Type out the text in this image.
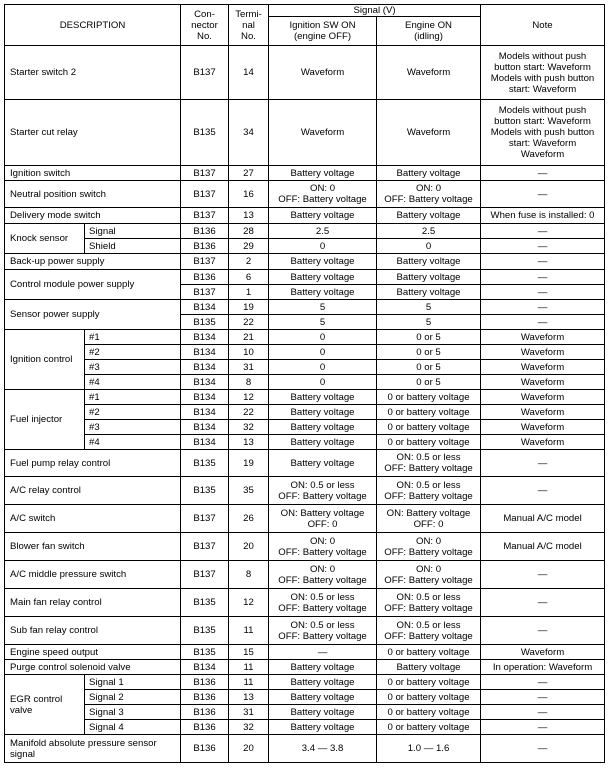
DESCRIPTION		Con-
nector
No.	Termi-
nal
No.	Signal (V)		Note
				Ignition SW ON
(engine OFF)	Engine ON
(idling)	
Starter switch 2		B137	14	Waveform	Waveform	Models without push
button start: Waveform
Models with push button
start: Waveform
Starter cut relay		B135	34	Waveform	Waveform	Models without push
button start: Waveform
Models with push button
start: Waveform
Waveform
Ignition switch		B137	27	Battery voltage	Battery voltage	—
Neutral position switch		B137	16	ON: 0
OFF: Battery voltage	ON: 0
OFF: Battery voltage	—
Delivery mode switch		B137	13	Battery voltage	Battery voltage	When fuse is installed: 0
Knock sensor	Signal	B136	28	2.5	2.5	—
	Shield	B136	29	0	0	—
Back-up power supply		B137	2	Battery voltage	Battery voltage	—
Control module power supply		B136	6	Battery voltage	Battery voltage	—
		B137	1	Battery voltage	Battery voltage	—
Sensor power supply		B134	19	5	5	—
		B135	22	5	5	—
Ignition control	#1	B134	21	0	0 or 5	Waveform
	#2	B134	10	0	0 or 5	Waveform
	#3	B134	31	0	0 or 5	Waveform
	#4	B134	8	0	0 or 5	Waveform
Fuel injector	#1	B134	12	Battery voltage	0 or battery voltage	Waveform
	#2	B134	22	Battery voltage	0 or battery voltage	Waveform
	#3	B134	32	Battery voltage	0 or battery voltage	Waveform
	#4	B134	13	Battery voltage	0 or battery voltage	Waveform
Fuel pump relay control		B135	19	Battery voltage	ON: 0.5 or less
OFF: Battery voltage	—
A/C relay control		B135	35	ON: 0.5 or less
OFF: Battery voltage	ON: 0.5 or less
OFF: Battery voltage	—
A/C switch		B137	26	ON: Battery voltage
OFF: 0	ON: Battery voltage
OFF: 0	Manual A/C model
Blower fan switch		B137	20	ON: 0
OFF: Battery voltage	ON: 0
OFF: Battery voltage	Manual A/C model
A/C middle pressure switch		B137	8	ON: 0
OFF: Battery voltage	ON: 0
OFF: Battery voltage	—
Main fan relay control		B135	12	ON: 0.5 or less
OFF: Battery voltage	ON: 0.5 or less
OFF: Battery voltage	—
Sub fan relay control		B135	11	ON: 0.5 or less
OFF: Battery voltage	ON: 0.5 or less
OFF: Battery voltage	—
Engine speed output		B135	15	—	0 or battery voltage	Waveform
Purge control solenoid valve		B134	11	Battery voltage	Battery voltage	In operation: Waveform
EGR control
valve	Signal 1	B136	11	Battery voltage	0 or battery voltage	—
	Signal 2	B136	13	Battery voltage	0 or battery voltage	—
	Signal 3	B136	31	Battery voltage	0 or battery voltage	—
	Signal 4	B136	32	Battery voltage	0 or battery voltage	—
Manifold absolute pressure sensor
signal		B136	20	3.4 — 3.8	1.0 — 1.6	—
